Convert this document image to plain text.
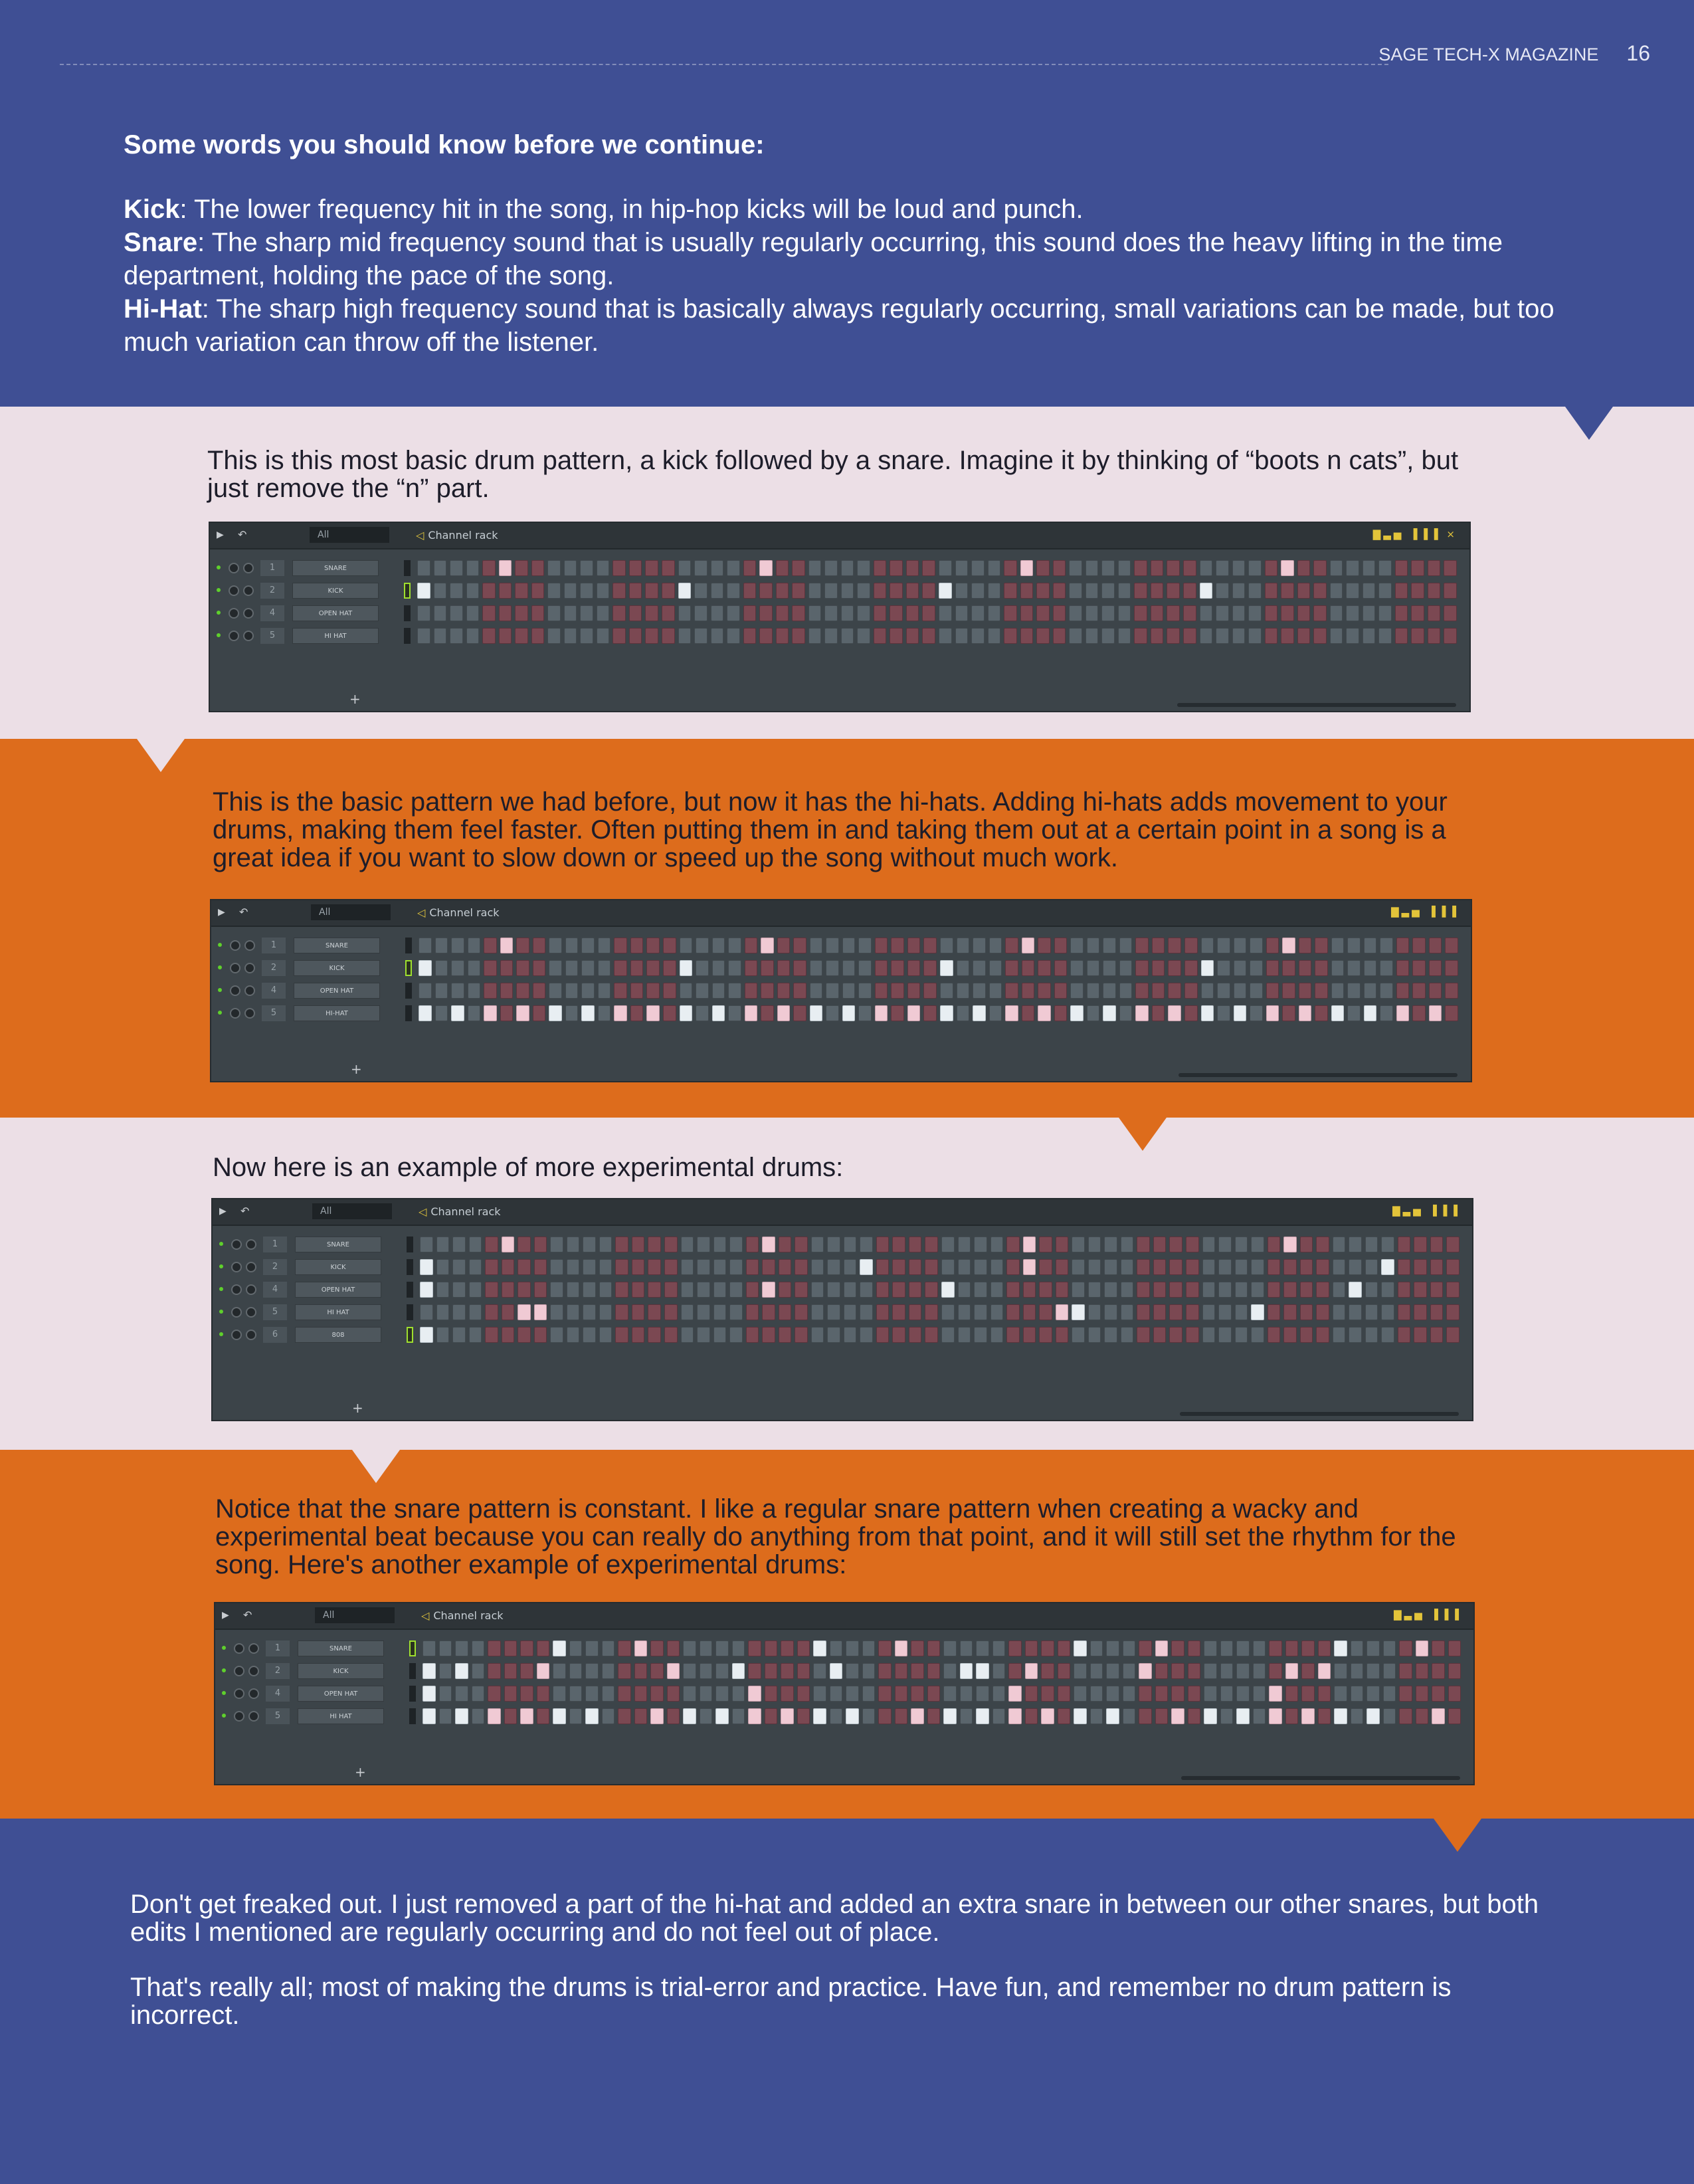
SAGE TECH-X MAGAZINE 16
Some words you should know before we continue:
Kick: The lower frequency hit in the song, in hip-hop kicks will be loud and punch.
Snare: The sharp mid frequency sound that is usually regularly occurring, this sound does the heavy lifting in the time department, holding the pace of the song.
Hi-Hat: The sharp high frequency sound that is basically always regularly occurring, small variations can be made, but too much variation can throw off the listener.
This is this most basic drum pattern, a kick followed by a snare. Imagine it by thinking of “boots n cats”, but just remove the “n” part.
This is the basic pattern we had before, but now it has the hi-hats. Adding hi-hats adds movement to your drums, making them feel faster. Often putting them in and taking them out at a certain point in a song is a great idea if you want to slow down or speed up the song without much work.
Now here is an example of more experimental drums:
Notice that the snare pattern is constant. I like a regular snare pattern when creating a wacky and experimental beat because you can really do anything from that point, and it will still set the rhythm for the song. Here's another example of experimental drums:
Don't get freaked out. I just removed a part of the hi-hat and added an extra snare in between our other snares, but both edits I mentioned are regularly occurring and do not feel out of place.
That's really all; most of making the drums is trial-error and practice. Have fun, and remember no drum pattern is incorrect.
▶ ↶	All	◁ Channel rack	▇▃▅ ▐▐▐ ×
1	SNARE
2	KICK
4	OPEN HAT
5	HI HAT
+
▶ ↶	All	◁ Channel rack	▇▃▅ ▐▐▐
1	SNARE
2	KICK
4	OPEN HAT
5	HI-HAT
+
▶ ↶	All	◁ Channel rack	▇▃▅ ▐▐▐
1	SNARE
2	KICK
4	OPEN HAT
5	HI HAT
6	808
+
▶ ↶	All	◁ Channel rack	▇▃▅ ▐▐▐
1	SNARE
2	KICK
4	OPEN HAT
5	HI HAT
+
